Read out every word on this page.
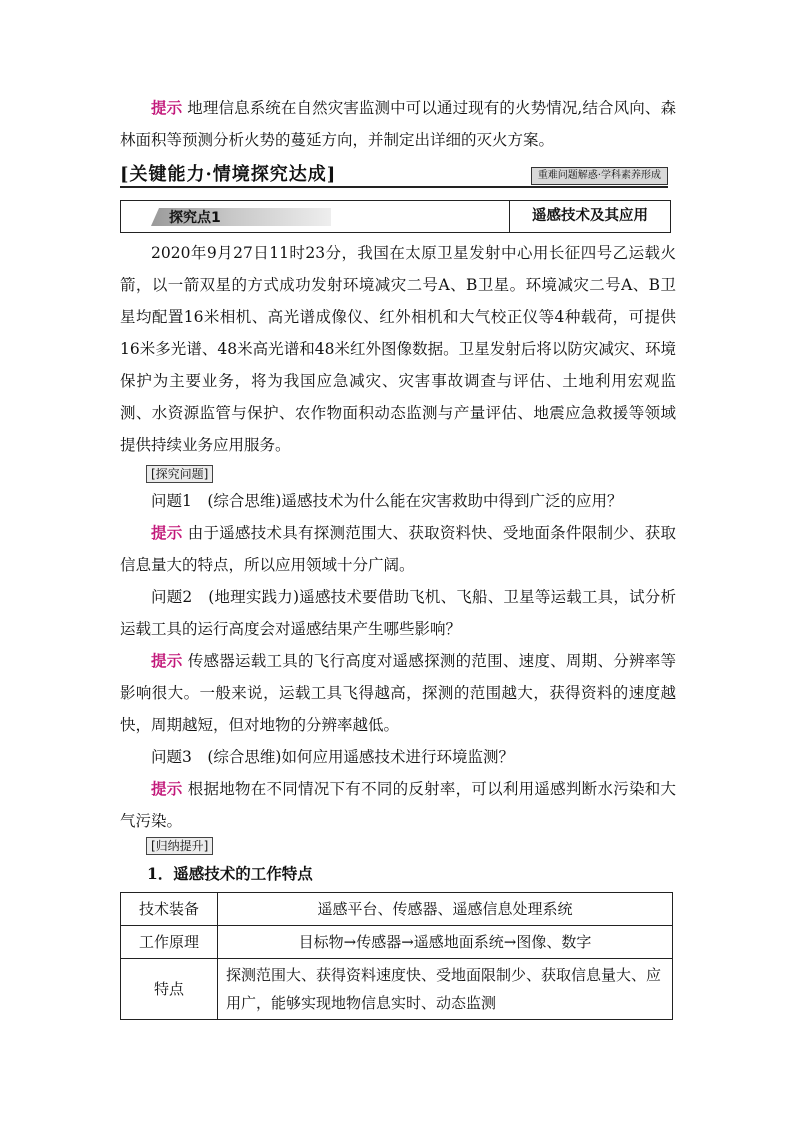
提示 地理信息系统在自然灾害监测中可以通过现有的火势情况,结合风向、森林面积等预测分析火势的蔓延方向，并制定出详细的灭火方案。

[关键能力·情境探究达成]	重难问题解惑·学科素养形成
探究点1	遥感技术及其应用

2020年9月27日11时23分，我国在太原卫星发射中心用长征四号乙运载火箭，以一箭双星的方式成功发射环境减灾二号A、B卫星。环境减灾二号A、B卫星均配置16米相机、高光谱成像仪、红外相机和大气校正仪等4种载荷，可提供16米多光谱、48米高光谱和48米红外图像数据。卫星发射后将以防灾减灾、环境保护为主要业务，将为我国应急减灾、灾害事故调查与评估、土地利用宏观监测、水资源监管与保护、农作物面积动态监测与产量评估、地震应急救援等领域提供持续业务应用服务。

[探究问题]

问题1　(综合思维)遥感技术为什么能在灾害救助中得到广泛的应用？

提示 由于遥感技术具有探测范围大、获取资料快、受地面条件限制少、获取信息量大的特点，所以应用领域十分广阔。

问题2　(地理实践力)遥感技术要借助飞机、飞船、卫星等运载工具，试分析运载工具的运行高度会对遥感结果产生哪些影响？

提示 传感器运载工具的飞行高度对遥感探测的范围、速度、周期、分辨率等影响很大。一般来说，运载工具飞得越高，探测的范围越大，获得资料的速度越快，周期越短，但对地物的分辨率越低。

问题3　(综合思维)如何应用遥感技术进行环境监测？

提示 根据地物在不同情况下有不同的反射率，可以利用遥感判断水污染和大气污染。

[归纳提升]

1．遥感技术的工作特点

技术装备	遥感平台、传感器、遥感信息处理系统
工作原理	目标物→传感器→遥感地面系统→图像、数字
特点	探测范围大、获得资料速度快、受地面限制少、获取信息量大、应用广，能够实现地物信息实时、动态监测
